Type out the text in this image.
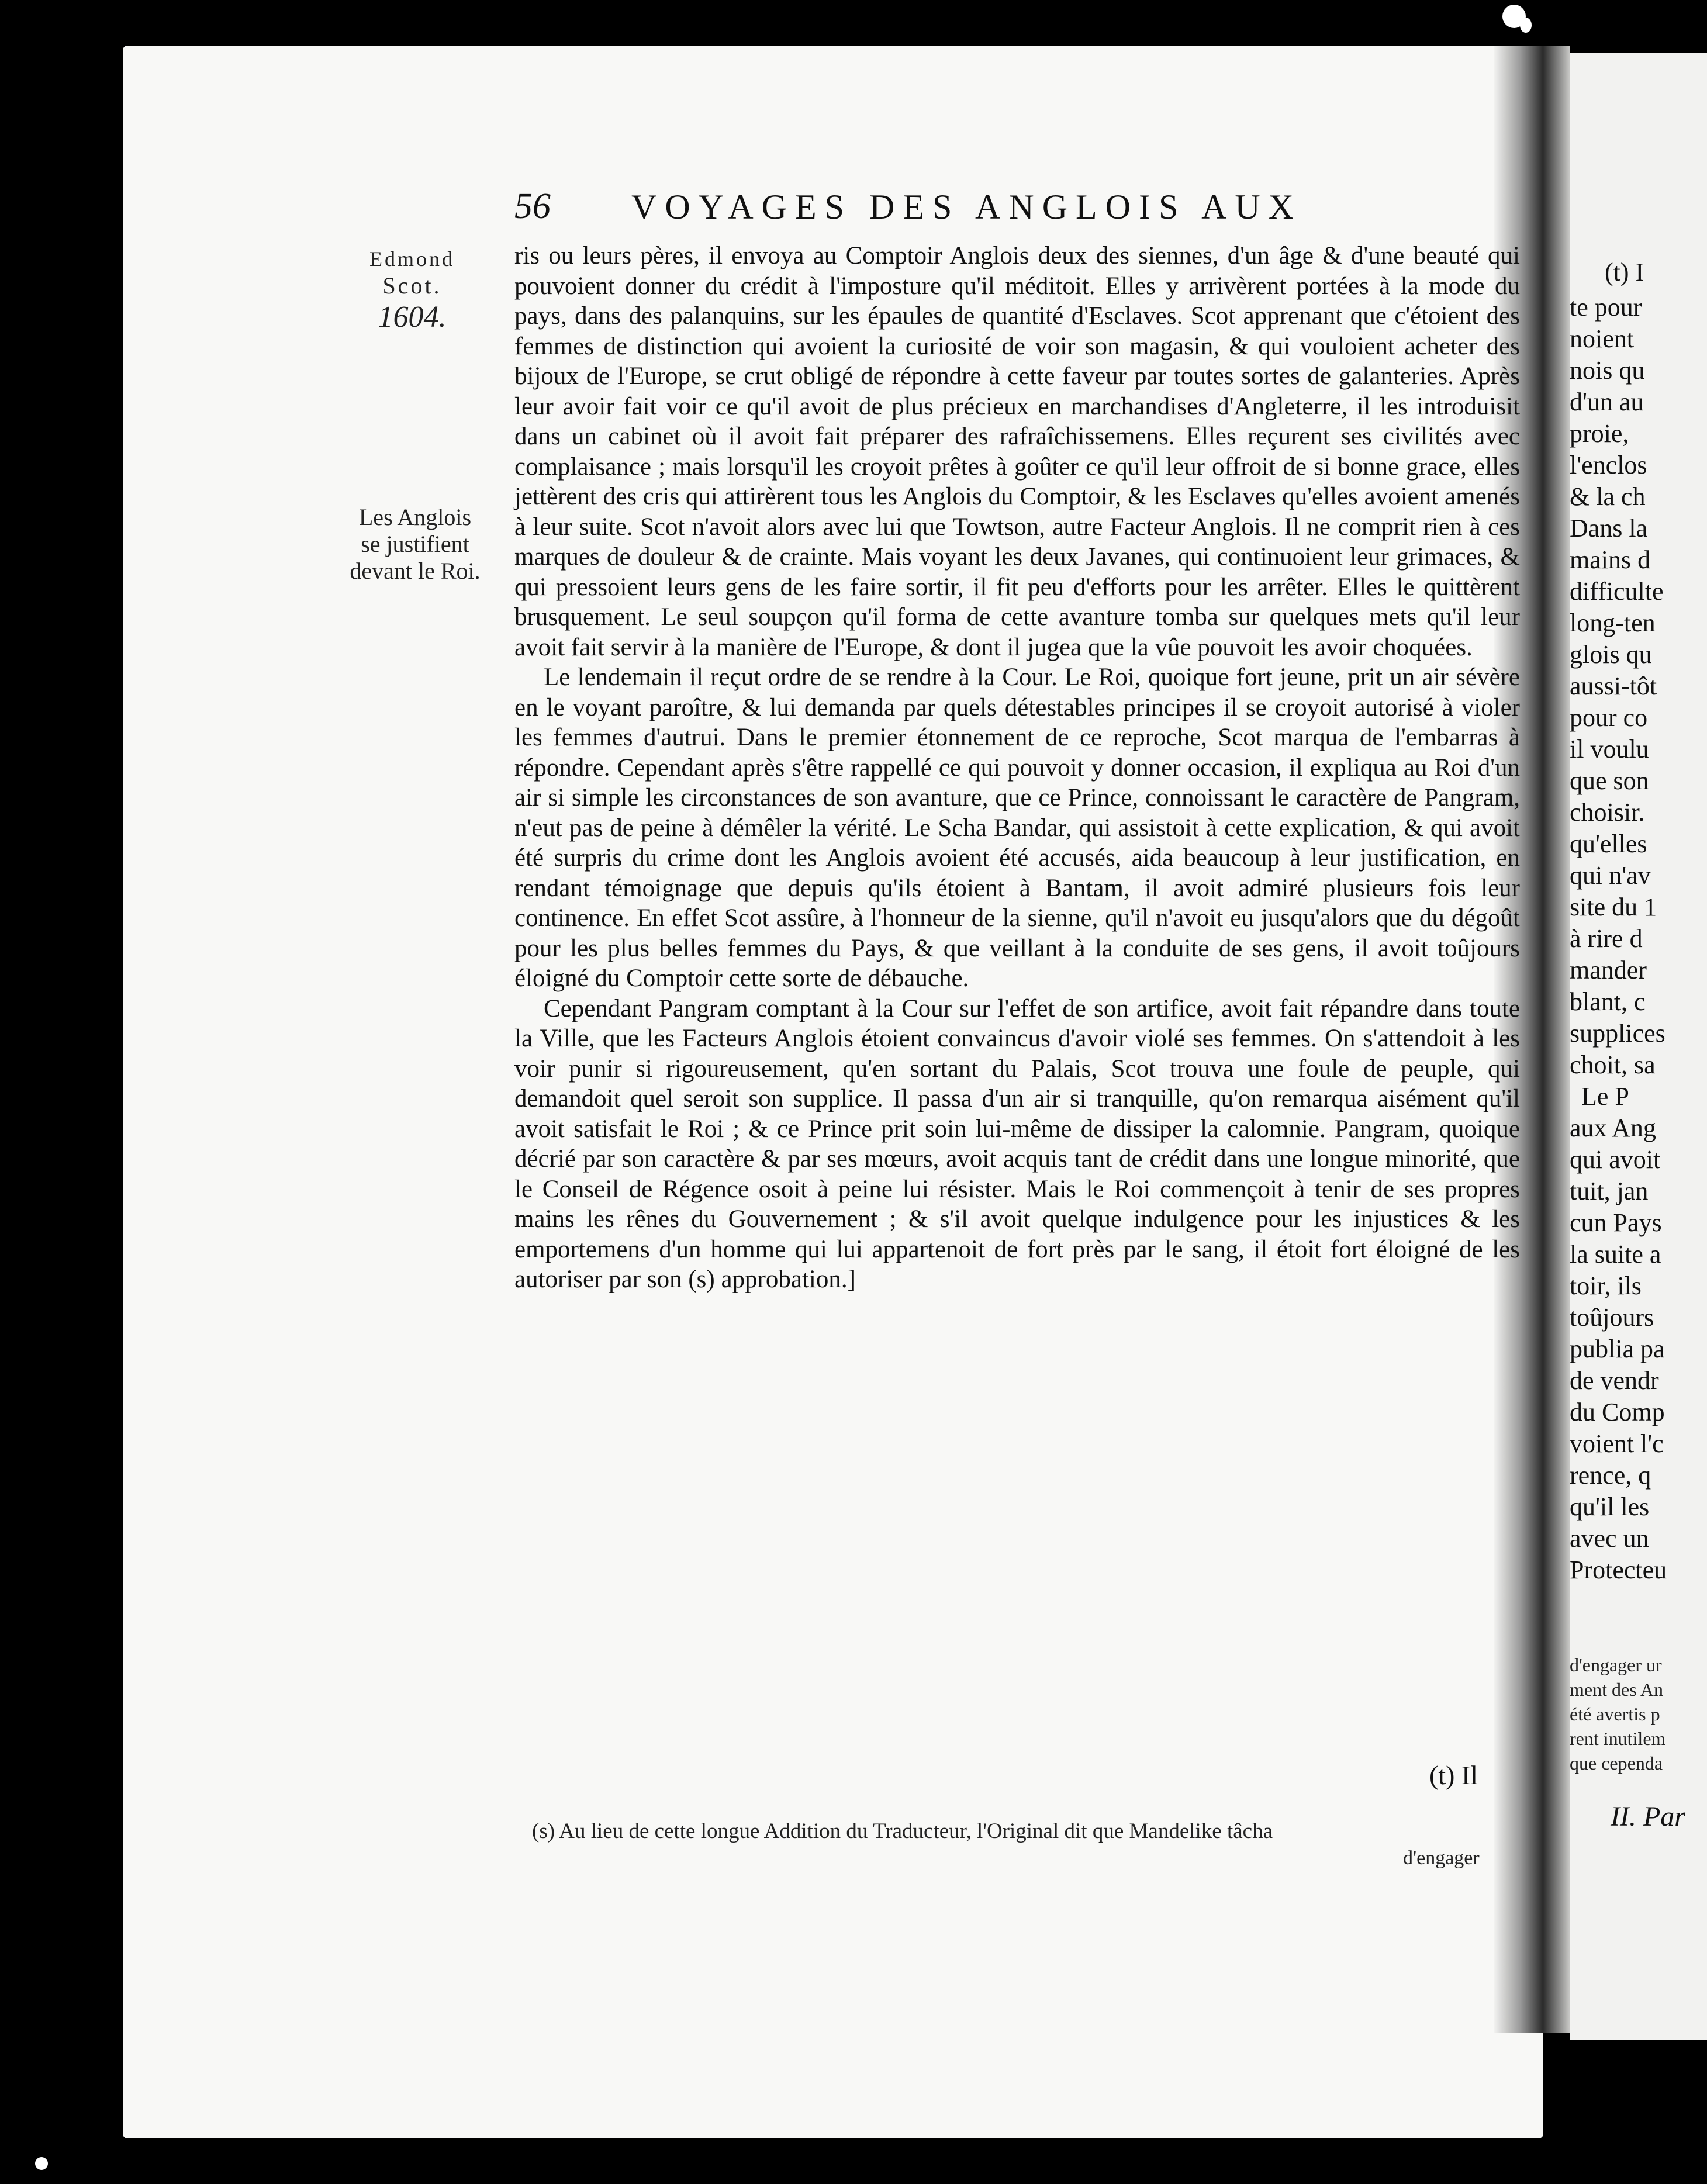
(t) I
te pour
noient
nois qu
d'un au
proie,
l'enclos
& la ch
Dans la
mains d
difficulte
long-ten
glois qu
aussi-tôt
pour co
il voulu
que son
choisir.
qu'elles
qui n'av
site du 1
à rire d
mander
blant, c
supplices
choit, sa
Le P
aux Ang
qui avoit
tuit, jan
cun Pays
la suite a
toir, ils
toûjours
publia pa
de vendr
du Comp
voient l'c
rence, q
qu'il les
avec un
Protecteu
d'engager ur
ment des An
été avertis p
rent inutilem
que cependa
II. Par
56 VOYAGES DES ANGLOIS AUX
Edmond
Scot.
1604.
Les Anglois
se justifient
devant le Roi.

ris ou leurs pères, il envoya au Comptoir Anglois deux des siennes, d'un âge & d'une beauté qui pouvoient donner du crédit à l'imposture qu'il méditoit. Elles y arrivèrent portées à la mode du pays, dans des palanquins, sur les épaules de quantité d'Esclaves. Scot apprenant que c'étoient des femmes de distinction qui avoient la curiosité de voir son magasin, & qui vouloient acheter des bijoux de l'Europe, se crut obligé de répondre à cette faveur par toutes sortes de galanteries. Après leur avoir fait voir ce qu'il avoit de plus précieux en marchandises d'Angleterre, il les introduisit dans un cabinet où il avoit fait préparer des rafraîchissemens. Elles reçurent ses civilités avec complaisance ; mais lorsqu'il les croyoit prêtes à goûter ce qu'il leur offroit de si bonne grace, elles jettèrent des cris qui attirèrent tous les Anglois du Comptoir, & les Esclaves qu'elles avoient amenés à leur suite. Scot n'avoit alors avec lui que Towtson, autre Facteur Anglois. Il ne comprit rien à ces marques de douleur & de crainte. Mais voyant les deux Javanes, qui continuoient leur grimaces, & qui pressoient leurs gens de les faire sortir, il fit peu d'efforts pour les arrêter. Elles le quittèrent brusquement. Le seul soupçon qu'il forma de cette avanture tomba sur quelques mets qu'il leur avoit fait servir à la manière de l'Europe, & dont il jugea que la vûe pouvoit les avoir choquées.

Le lendemain il reçut ordre de se rendre à la Cour. Le Roi, quoique fort jeune, prit un air sévère en le voyant paroître, & lui demanda par quels détestables principes il se croyoit autorisé à violer les femmes d'autrui. Dans le premier étonnement de ce reproche, Scot marqua de l'embarras à répondre. Cependant après s'être rappellé ce qui pouvoit y donner occasion, il expliqua au Roi d'un air si simple les circonstances de son avanture, que ce Prince, connoissant le caractère de Pangram, n'eut pas de peine à démêler la vérité. Le Scha Bandar, qui assistoit à cette explication, & qui avoit été surpris du crime dont les Anglois avoient été accusés, aida beaucoup à leur justification, en rendant témoignage que depuis qu'ils étoient à Bantam, il avoit admiré plusieurs fois leur continence. En effet Scot assûre, à l'honneur de la sienne, qu'il n'avoit eu jusqu'alors que du dégoût pour les plus belles femmes du Pays, & que veillant à la conduite de ses gens, il avoit toûjours éloigné du Comptoir cette sorte de débauche.

Cependant Pangram comptant à la Cour sur l'effet de son artifice, avoit fait répandre dans toute la Ville, que les Facteurs Anglois étoient convaincus d'avoir violé ses femmes. On s'attendoit à les voir punir si rigoureusement, qu'en sortant du Palais, Scot trouva une foule de peuple, qui demandoit quel seroit son supplice. Il passa d'un air si tranquille, qu'on remarqua aisément qu'il avoit satisfait le Roi ; & ce Prince prit soin lui-même de dissiper la calomnie. Pangram, quoique décrié par son caractère & par ses mœurs, avoit acquis tant de crédit dans une longue minorité, que le Conseil de Régence osoit à peine lui résister. Mais le Roi commençoit à tenir de ses propres mains les rênes du Gouvernement ; & s'il avoit quelque indulgence pour les injustices & les emportemens d'un homme qui lui appartenoit de fort près par le sang, il étoit fort éloigné de les autoriser par son (s) approbation.]

(t) Il
(s) Au lieu de cette longue Addition du Traducteur, l'Original dit que Mandelike tâcha
d'engager
